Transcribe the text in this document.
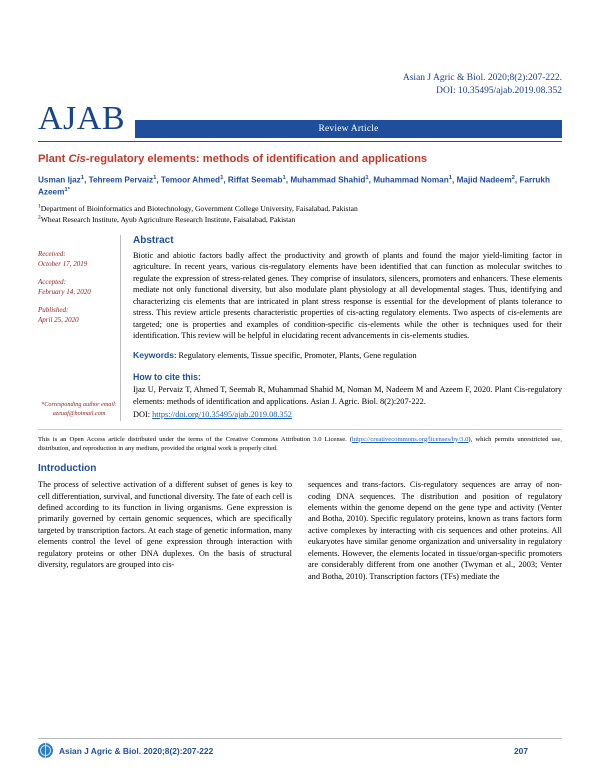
Asian J Agric & Biol. 2020;8(2):207-222.
DOI: 10.35495/ajab.2019.08.352
AJAB	Review Article
Plant Cis-regulatory elements: methods of identification and applications
Usman Ijaz$^1$, Tehreem Pervaiz$^1$, Temoor Ahmed$^1$, Riffat Seemab$^1$, Muhammad Shahid$^1$, Muhammad Noman$^1$, Majid Nadeem$^2$, Farrukh Azeem$^{1*}$
$^1$Department of Bioinformatics and Biotechnology, Government College University, Faisalabad, Pakistan
$^2$Wheat Research Institute, Ayub Agriculture Research Institute, Faisalabad, Pakistan
Received:
October 17, 2019
Accepted:
February 14, 2020
Published:
April 25, 2020
*Corresponding author email:
azeuaf@hotmail.com
Abstract
Biotic and abiotic factors badly affect the productivity and growth of plants and found the major yield-limiting factor in agriculture. In recent years, various cis-regulatory elements have been identified that can function as molecular switches to regulate the expression of stress-related genes. They comprise of insulators, silencers, promoters and enhancers. These elements mediate not only functional diversity, but also modulate plant physiology at all developmental stages. Thus, identifying and characterizing cis elements that are intricated in plant stress response is essential for the development of plants tolerance to stress. This review article presents characteristic properties of cis-acting regulatory elements. Two aspects of cis-elements are targeted; one is properties and examples of condition-specific cis-elements while the other is techniques used for their identification. This review will be helpful in elucidating recent advancements in cis-elements studies.
Keywords: Regulatory elements, Tissue specific, Promoter, Plants, Gene regulation
How to cite this:
Ijaz U, Pervaiz T, Ahmed T, Seemab R, Muhammad Shahid M, Noman M, Nadeem M and Azeem F, 2020. Plant Cis-regulatory elements: methods of identification and applications. Asian J. Agric. Biol. 8(2):207-222.
DOI: https://doi.org/10.35495/ajab.2019.08.352
This is an Open Access article distributed under the terms of the Creative Commons Attribution 3.0 License. (https://creativecommons.org/licenses/by/3.0), which permits unrestricted use, distribution, and reproduction in any medium, provided the original work is properly cited.
Introduction

The process of selective activation of a different subset of genes is key to cell differentiation, survival, and functional diversity. The fate of each cell is defined according to its function in living organisms. Gene expression is primarily governed by certain genomic sequences, which are specifically targeted by transcription factors. At each stage of genetic information, many elements control the level of gene expression through interaction with regulatory proteins or other DNA duplexes. On the basis of structural diversity, regulators are grouped into cis-

sequences and trans-factors. Cis-regulatory sequences are array of non-coding DNA sequences. The distribution and position of regulatory elements within the genome depend on the gene type and activity (Venter and Botha, 2010). Specific regulatory proteins, known as trans factors form active complexes by interacting with cis sequences and other proteins. All eukaryotes have similar genome organization and universality in regulatory elements. However, the elements located in tissue/organ-specific promoters are considerably different from one another (Twyman et al., 2003; Venter and Botha, 2010). Transcription factors (TFs) mediate the

Asian J Agric & Biol. 2020;8(2):207-222	207
